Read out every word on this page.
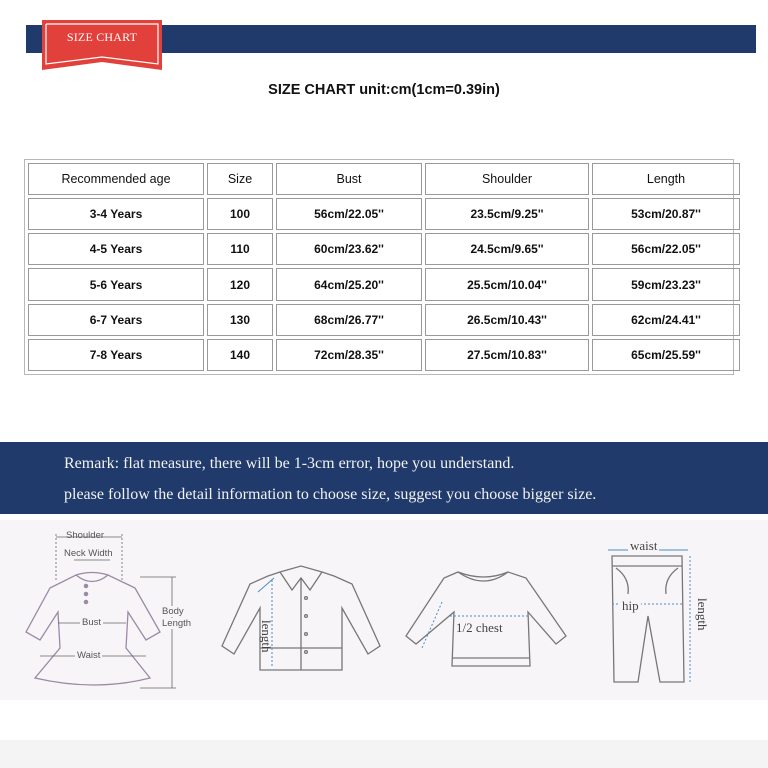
SIZE CHART
SIZE CHART unit:cm(1cm=0.39in)
Recommended age	Size	Bust	Shoulder	Length
3-4 Years	100	56cm/22.05''	23.5cm/9.25''	53cm/20.87''
4-5 Years	110	60cm/23.62''	24.5cm/9.65''	56cm/22.05''
5-6 Years	120	64cm/25.20''	25.5cm/10.04''	59cm/23.23''
6-7 Years	130	68cm/26.77''	26.5cm/10.43''	62cm/24.41''
7-8 Years	140	72cm/28.35''	27.5cm/10.83''	65cm/25.59''
Remark: flat measure, there will be 1-3cm error, hope you understand.
please follow the detail information to choose size, suggest you choose bigger size.
Shoulder
Neck Width
Bust
Waist
Body
Length	length	1/2 chest
waist
hip	length
